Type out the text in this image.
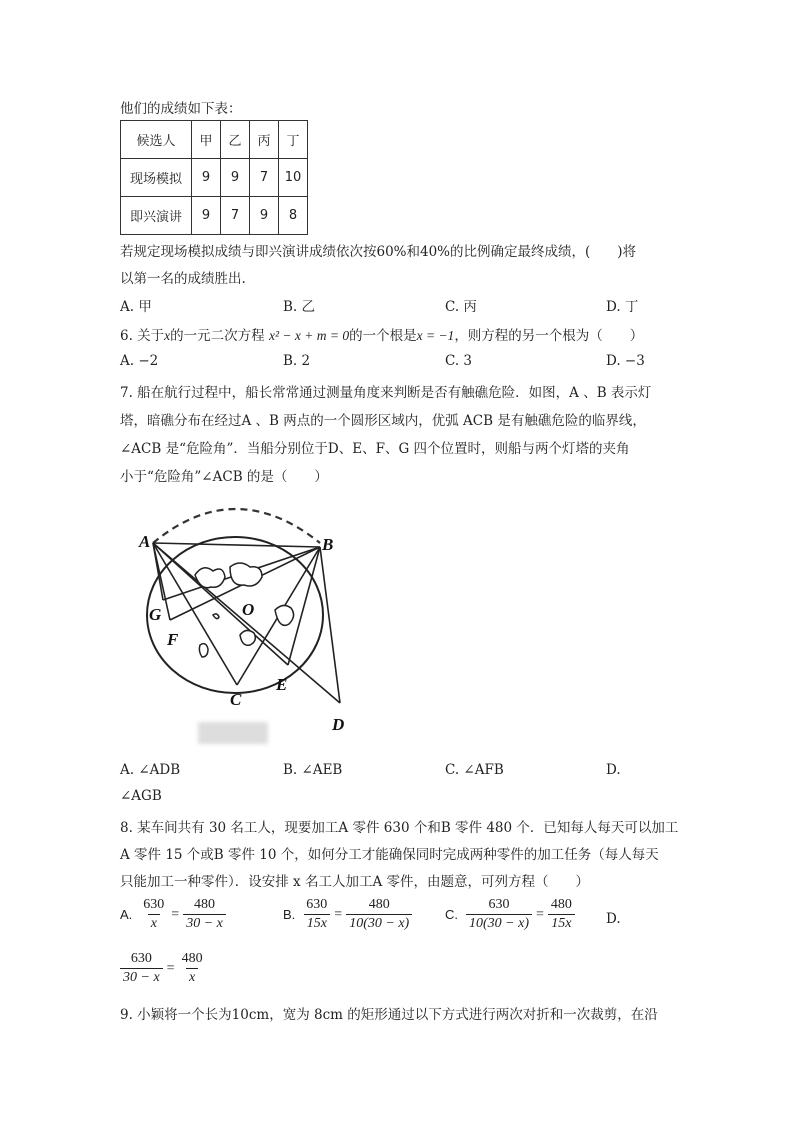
他们的成绩如下表：
候选人	甲	乙	丙	丁
现场模拟	9	9	7	10
即兴演讲	9	7	9	8
若规定现场模拟成绩与即兴演讲成绩依次按60%和40%的比例确定最终成绩，(　　)将
以第一名的成绩胜出.
A. 甲	B. 乙	C. 丙	D. 丁
6. 关于x的一元二次方程 x² − x + m = 0的一个根是x = −1，则方程的另一个根为（　　）
A. −2	B. 2	C. 3	D. −3
7. 船在航行过程中，船长常常通过测量角度来判断是否有触礁危险．如图，A 、B 表示灯
塔，暗礁分布在经过A 、B 两点的一个圆形区域内，优弧 ACB 是有触礁危险的临界线，
∠ACB 是“危险角”．当船分别位于D、E、F、G 四个位置时，则船与两个灯塔的夹角
小于“危险角”∠ACB 的是（　　）
A	B
C
D
E
F
G	O
A. ∠ADB	B. ∠AEB	C. ∠AFB	D.
∠AGB
8. 某车间共有 30 名工人，现要加工A 零件 630 个和B 零件 480 个．已知每人每天可以加工
A 零件 15 个或B 零件 10 个，如何分工才能确保同时完成两种零件的加工任务（每人每天
只能加工一种零件）．设安排 x 名工人加工A 零件，由题意，可列方程（　　）
A. $\frac{630}{x} = \frac{480}{30 - x}$	B. $\frac{630}{15x} = \frac{480}{10(30 - x)}$	C. $\frac{630}{10(30 - x)} = \frac{480}{15x} D$.
$\frac{630}{30 - x} = \frac{480}{x}$
9. 小颖将一个长为10cm，宽为 8cm 的矩形通过以下方式进行两次对折和一次裁剪，在沿
